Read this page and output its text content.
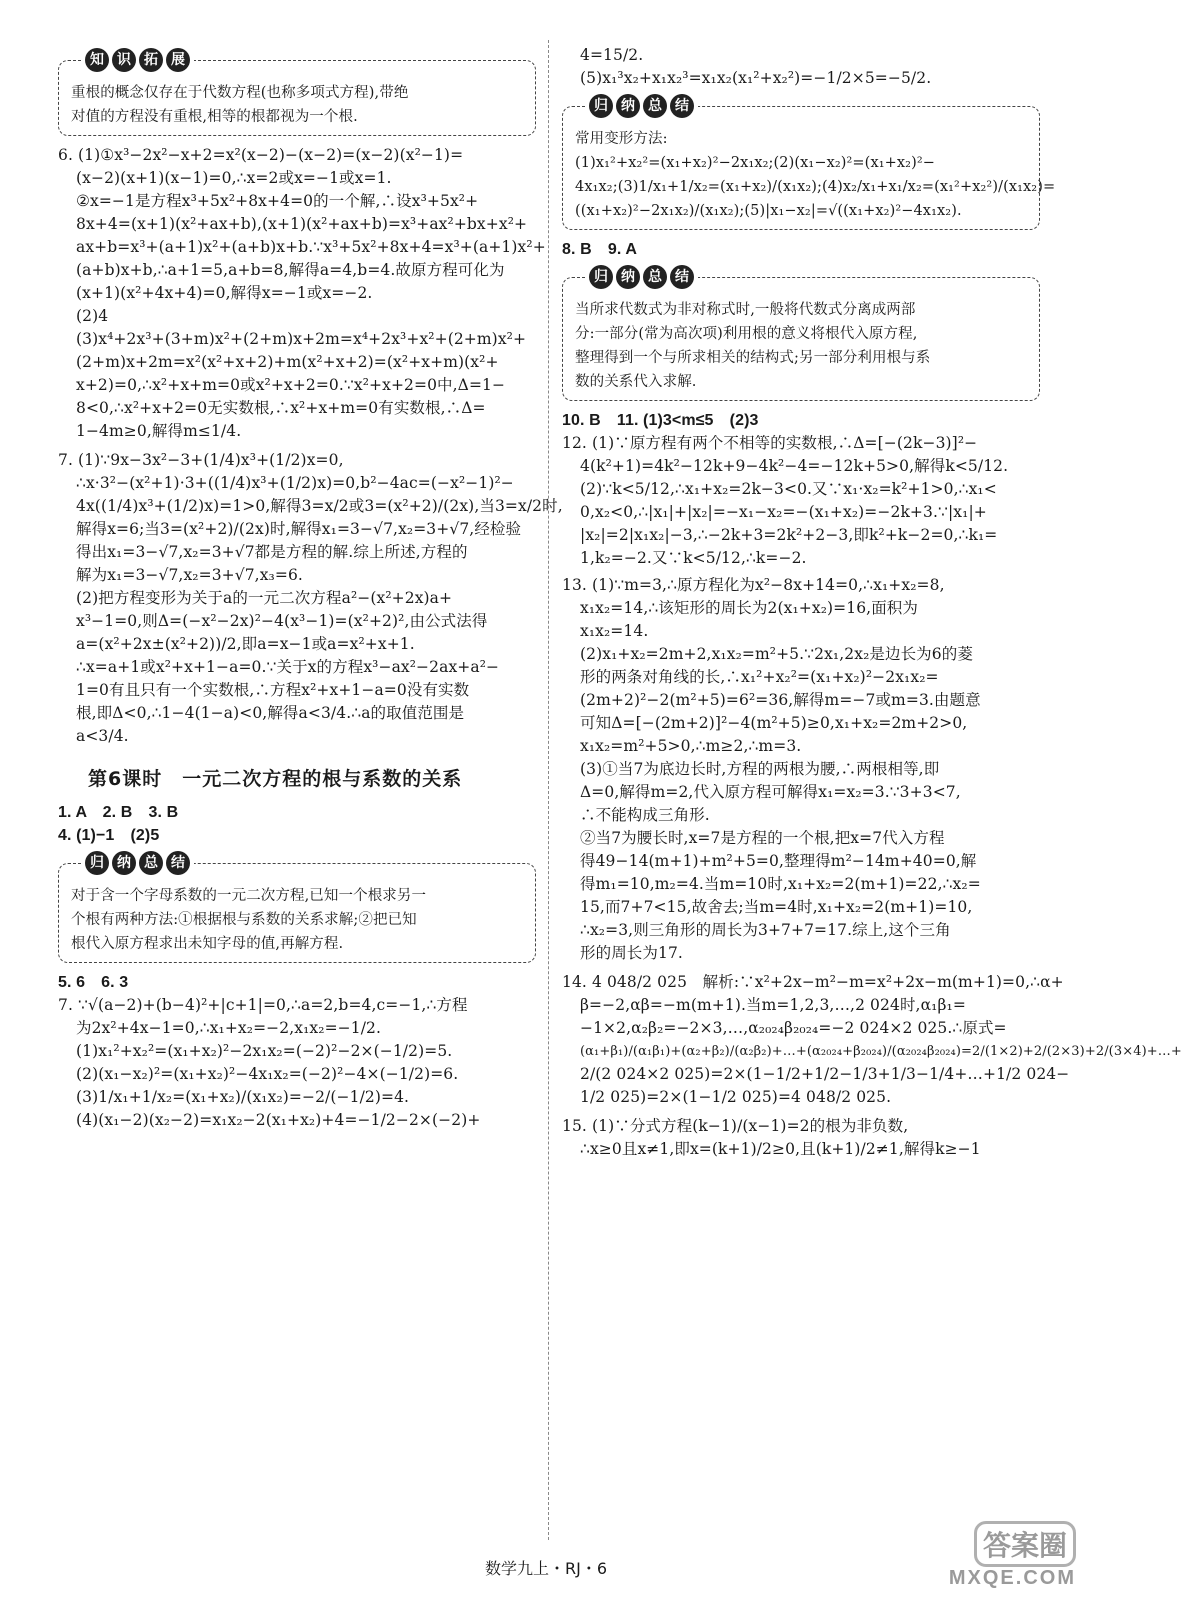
知 识 拓 展
重根的概念仅存在于代数方程(也称多项式方程),带绝
对值的方程没有重根,相等的根都视为一个根.
6. (1)①x³−2x²−x+2=x²(x−2)−(x−2)=(x−2)(x²−1)=
(x−2)(x+1)(x−1)=0,∴x=2或x=−1或x=1.
②x=−1是方程x³+5x²+8x+4=0的一个解,∴设x³+5x²+
8x+4=(x+1)(x²+ax+b),(x+1)(x²+ax+b)=x³+ax²+bx+x²+
ax+b=x³+(a+1)x²+(a+b)x+b.∵x³+5x²+8x+4=x³+(a+1)x²+
(a+b)x+b,∴a+1=5,a+b=8,解得a=4,b=4.故原方程可化为
(x+1)(x²+4x+4)=0,解得x=−1或x=−2.
(2)4
(3)x⁴+2x³+(3+m)x²+(2+m)x+2m=x⁴+2x³+x²+(2+m)x²+
(2+m)x+2m=x²(x²+x+2)+m(x²+x+2)=(x²+x+m)(x²+
x+2)=0,∴x²+x+m=0或x²+x+2=0.∵x²+x+2=0中,Δ=1−
8<0,∴x²+x+2=0无实数根,∴x²+x+m=0有实数根,∴Δ=
1−4m≥0,解得m≤1/4.
7. (1)∵9x−3x²−3+(1/4)x³+(1/2)x=0,
∴x·3²−(x²+1)·3+((1/4)x³+(1/2)x)=0,b²−4ac=(−x²−1)²−
4x((1/4)x³+(1/2)x)=1>0,解得3=x/2或3=(x²+2)/(2x),当3=x/2时,
解得x=6;当3=(x²+2)/(2x)时,解得x₁=3−√7,x₂=3+√7,经检验
得出x₁=3−√7,x₂=3+√7都是方程的解.综上所述,方程的
解为x₁=3−√7,x₂=3+√7,x₃=6.
(2)把方程变形为关于a的一元二次方程a²−(x²+2x)a+
x³−1=0,则Δ=(−x²−2x)²−4(x³−1)=(x²+2)²,由公式法得
a=(x²+2x±(x²+2))/2,即a=x−1或a=x²+x+1.
∴x=a+1或x²+x+1−a=0.∵关于x的方程x³−ax²−2ax+a²−
1=0有且只有一个实数根,∴方程x²+x+1−a=0没有实数
根,即Δ<0,∴1−4(1−a)<0,解得a<3/4.∴a的取值范围是
a<3/4.
第6课时　一元二次方程的根与系数的关系
1. A　2. B　3. B
4. (1)−1　(2)5
归 纳 总 结
对于含一个字母系数的一元二次方程,已知一个根求另一
个根有两种方法:①根据根与系数的关系求解;②把已知
根代入原方程求出未知字母的值,再解方程.
5. 6　6. 3
7. ∵√(a−2)+(b−4)²+|c+1|=0,∴a=2,b=4,c=−1,∴方程
为2x²+4x−1=0,∴x₁+x₂=−2,x₁x₂=−1/2.
(1)x₁²+x₂²=(x₁+x₂)²−2x₁x₂=(−2)²−2×(−1/2)=5.
(2)(x₁−x₂)²=(x₁+x₂)²−4x₁x₂=(−2)²−4×(−1/2)=6.
(3)1/x₁+1/x₂=(x₁+x₂)/(x₁x₂)=−2/(−1/2)=4.
(4)(x₁−2)(x₂−2)=x₁x₂−2(x₁+x₂)+4=−1/2−2×(−2)+
4=15/2.
(5)x₁³x₂+x₁x₂³=x₁x₂(x₁²+x₂²)=−1/2×5=−5/2.
归 纳 总 结
常用变形方法:
(1)x₁²+x₂²=(x₁+x₂)²−2x₁x₂;(2)(x₁−x₂)²=(x₁+x₂)²−
4x₁x₂;(3)1/x₁+1/x₂=(x₁+x₂)/(x₁x₂);(4)x₂/x₁+x₁/x₂=(x₁²+x₂²)/(x₁x₂)=
((x₁+x₂)²−2x₁x₂)/(x₁x₂);(5)|x₁−x₂|=√((x₁+x₂)²−4x₁x₂).
8. B　9. A
归 纳 总 结
当所求代数式为非对称式时,一般将代数式分离成两部
分:一部分(常为高次项)利用根的意义将根代入原方程,
整理得到一个与所求相关的结构式;另一部分利用根与系
数的关系代入求解.
10. B　11. (1)3<m≤5　(2)3
12. (1)∵原方程有两个不相等的实数根,∴Δ=[−(2k−3)]²−
4(k²+1)=4k²−12k+9−4k²−4=−12k+5>0,解得k<5/12.
(2)∵k<5/12,∴x₁+x₂=2k−3<0.又∵x₁·x₂=k²+1>0,∴x₁<
0,x₂<0,∴|x₁|+|x₂|=−x₁−x₂=−(x₁+x₂)=−2k+3.∵|x₁|+
|x₂|=2|x₁x₂|−3,∴−2k+3=2k²+2−3,即k²+k−2=0,∴k₁=
1,k₂=−2.又∵k<5/12,∴k=−2.
13. (1)∵m=3,∴原方程化为x²−8x+14=0,∴x₁+x₂=8,
x₁x₂=14,∴该矩形的周长为2(x₁+x₂)=16,面积为
x₁x₂=14.
(2)x₁+x₂=2m+2,x₁x₂=m²+5.∵2x₁,2x₂是边长为6的菱
形的两条对角线的长,∴x₁²+x₂²=(x₁+x₂)²−2x₁x₂=
(2m+2)²−2(m²+5)=6²=36,解得m=−7或m=3.由题意
可知Δ=[−(2m+2)]²−4(m²+5)≥0,x₁+x₂=2m+2>0,
x₁x₂=m²+5>0,∴m≥2,∴m=3.
(3)①当7为底边长时,方程的两根为腰,∴两根相等,即
Δ=0,解得m=2,代入原方程可解得x₁=x₂=3.∵3+3<7,
∴不能构成三角形.
②当7为腰长时,x=7是方程的一个根,把x=7代入方程
得49−14(m+1)+m²+5=0,整理得m²−14m+40=0,解
得m₁=10,m₂=4.当m=10时,x₁+x₂=2(m+1)=22,∴x₂=
15,而7+7<15,故舍去;当m=4时,x₁+x₂=2(m+1)=10,
∴x₂=3,则三角形的周长为3+7+7=17.综上,这个三角
形的周长为17.
14. 4 048/2 025　解析:∵x²+2x−m²−m=x²+2x−m(m+1)=0,∴α+
β=−2,αβ=−m(m+1).当m=1,2,3,…,2 024时,α₁β₁=
−1×2,α₂β₂=−2×3,…,α₂₀₂₄β₂₀₂₄=−2 024×2 025.∴原式=
(α₁+β₁)/(α₁β₁)+(α₂+β₂)/(α₂β₂)+…+(α₂₀₂₄+β₂₀₂₄)/(α₂₀₂₄β₂₀₂₄)=2/(1×2)+2/(2×3)+2/(3×4)+…+
2/(2 024×2 025)=2×(1−1/2+1/2−1/3+1/3−1/4+…+1/2 024−
1/2 025)=2×(1−1/2 025)=4 048/2 025.
15. (1)∵分式方程(k−1)/(x−1)=2的根为非负数,
∴x≥0且x≠1,即x=(k+1)/2≥0,且(k+1)/2≠1,解得k≥−1
数学九上・RJ・6
答案圈
MXQE.COM
